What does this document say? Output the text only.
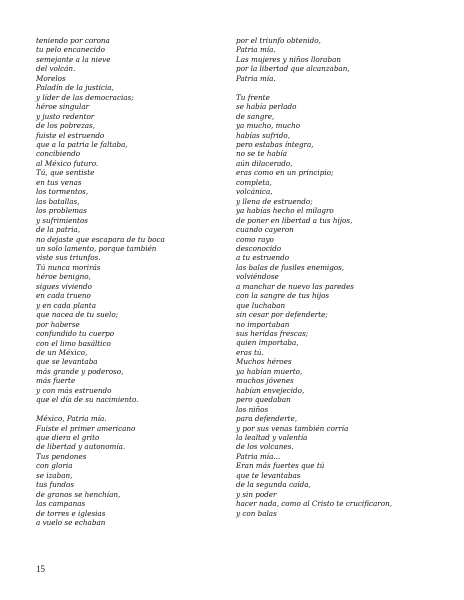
teniendo por corona
tu pelo encanecido
semejante a la nieve
del volcán.
Morelos
Paladín de la justicia,
y líder de las democracias;
héroe singular
y justo redentor
de los pobrezas,
fuiste el estruendo
que a la patria le faltaba,
concibiendo
al México futuro.
Tú, que sentiste
en tus venas
los tormentos,
las batallas,
los problemas
y sufrimientos
de la patria,
no dejaste que escapara de tu boca
un solo lamento, porque también
viste sus triunfos.
Tú nunca morirás
héroe benigno,
sigues viviendo
en cada trueno
y en cada planta
que nacea de tu suelo;
por haberse
confundido tu cuerpo
con el limo basáltico
de un México,
que se levantaba
más grande y poderoso,
más fuerte
y con más estruendo
que el día de su nacimiento.
México, Patria mía.
Fuiste el primer americano
que diera el grito
de libertad y autonomía.
Tus pendones
con gloria
se izaban,
tus fundos
de granos se henchían,
las campanas
de torres e iglesias
a vuelo se echaban
por el triunfo obtenido,
Patria mía.
Las mujeres y niños lloraban
por la libertad que alcanzaban,
Patria mía.
Tu frente
se había perlado
de sangre,
ya mucho, mucho
habías sufrido,
pero estabas íntegra,
no se te había
aún dilacerado,
eras como en un principio;
completa,
volcánica,
y llena de estruendo;
ya habías hecho el milagro
de poner en libertad a tus hijos,
cuando cayeron
como rayo
desconocido
a tu estruendo
las balas de fusiles enemigos,
volviéndose
a manchar de nuevo las paredes
con la sangre de tus hijos
que luchaban
sin cesar por defenderte;
no importaban
sus heridas frescas;
quien importaba,
eras tú.
Muchos héroes
ya habían muerto,
muchos jóvenes
habían envejecido,
pero quedaban
los niños
para defenderte,
y por sus venas también corría
la lealtad y valentía
de los volcanes.
Patria mía...
Eran más fuertes que tú
que te levantabas
de la segunda caída,
y sin poder
hacer nada, como al Cristo te crucificaron,
y con balas
15
